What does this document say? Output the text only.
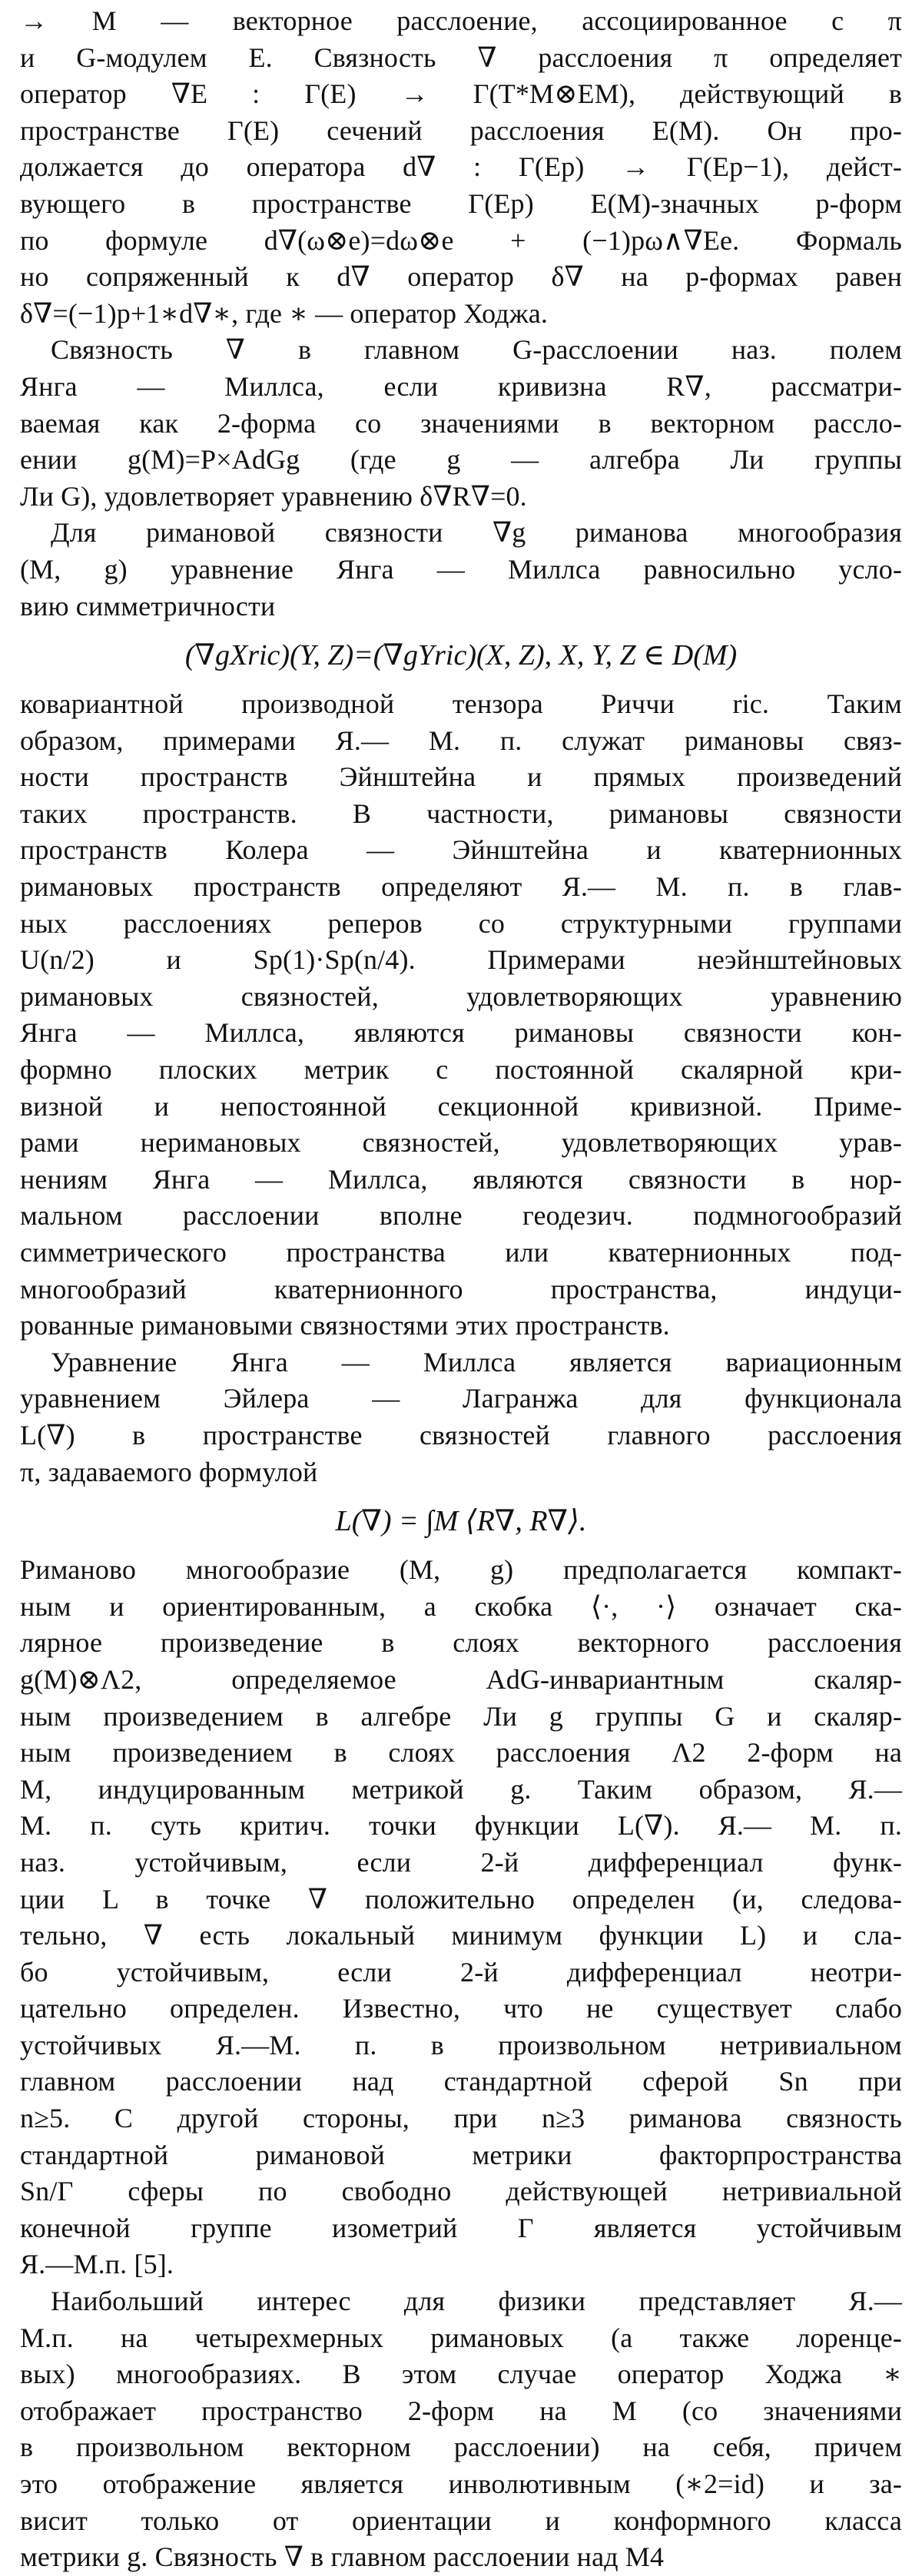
→ M — векторное расслоение, ассоциированное с π
и G-модулем E. Связность ∇ расслоения π определяет
оператор ∇E : Γ(E) → Γ(T*M⊗EM), действующий в
пространстве Γ(E) сечений расслоения E(M). Он про-
должается до оператора d∇ : Γ(Ep) → Γ(Ep−1), дейст-
вующего в пространстве Γ(Ep) E(M)-значных p-форм
по формуле d∇(ω⊗e)=dω⊗e + (−1)pω∧∇Ee. Формаль
но сопряженный к d∇ оператор δ∇ на p-формах равен
δ∇=(−1)p+1∗d∇∗, где ∗ — оператор Ходжа.
Связность ∇ в главном G-расслоении наз. полем
Янга — Миллса, если кривизна R∇, рассматри-
ваемая как 2-форма со значениями в векторном рассло-
ении g(M)=P×AdGg (где g — алгебра Ли группы
Ли G), удовлетворяет уравнению δ∇R∇=0.
Для римановой связности ∇g риманова многообразия
(M, g) уравнение Янга — Миллса равносильно усло-
вию симметричности
(∇gXric)(Y, Z)=(∇gYric)(X, Z), X, Y, Z ∈ D(M)
ковариантной производной тензора Риччи ric. Таким
образом, примерами Я.— М. п. служат римановы связ-
ности пространств Эйнштейна и прямых произведений
таких пространств. В частности, римановы связности
пространств Колера — Эйнштейна и кватернионных
римановых пространств определяют Я.— М. п. в глав-
ных расслоениях реперов со структурными группами
U(n/2) и Sp(1)·Sp(n/4). Примерами неэйнштейновых
римановых связностей, удовлетворяющих уравнению
Янга — Миллса, являются римановы связности кон-
формно плоских метрик с постоянной скалярной кри-
визной и непостоянной секционной кривизной. Приме-
рами неримановых связностей, удовлетворяющих урав-
нениям Янга — Миллса, являются связности в нор-
мальном расслоении вполне геодезич. подмногообразий
симметрического пространства или кватернионных под-
многообразий кватернионного пространства, индуци-
рованные римановыми связностями этих пространств.
Уравнение Янга — Миллса является вариационным
уравнением Эйлера — Лагранжа для функционала
L(∇) в пространстве связностей главного расслоения
π, задаваемого формулой
L(∇) = ∫M ⟨R∇, R∇⟩.
Риманово многообразие (M, g) предполагается компакт-
ным и ориентированным, а скобка ⟨·, ·⟩ означает ска-
лярное произведение в слоях векторного расслоения
g(M)⊗Λ2, определяемое AdG-инвариантным скаляр-
ным произведением в алгебре Ли g группы G и скаляр-
ным произведением в слоях расслоения Λ2 2-форм на
M, индуцированным метрикой g. Таким образом, Я.—
М. п. суть критич. точки функции L(∇). Я.— М. п.
наз. устойчивым, если 2-й дифференциал функ-
ции L в точке ∇ положительно определен (и, следова-
тельно, ∇ есть локальный минимум функции L) и сла-
бо устойчивым, если 2-й дифференциал неотри-
цательно определен. Известно, что не существует слабо
устойчивых Я.—М. п. в произвольном нетривиальном
главном расслоении над стандартной сферой Sn при
n≥5. С другой стороны, при n≥3 риманова связность
стандартной римановой метрики факторпространства
Sn/Γ сферы по свободно действующей нетривиальной
конечной группе изометрий Γ является устойчивым
Я.—М.п. [5].
Наибольший интерес для физики представляет Я.—
М.п. на четырехмерных римановых (а также лоренце-
вых) многообразиях. В этом случае оператор Ходжа ∗
отображает пространство 2-форм на M (со значениями
в произвольном векторном расслоении) на себя, причем
это отображение является инволютивным (∗2=id) и за-
висит только от ориентации и конформного класса
метрики g. Связность ∇ в главном расслоении над M4
